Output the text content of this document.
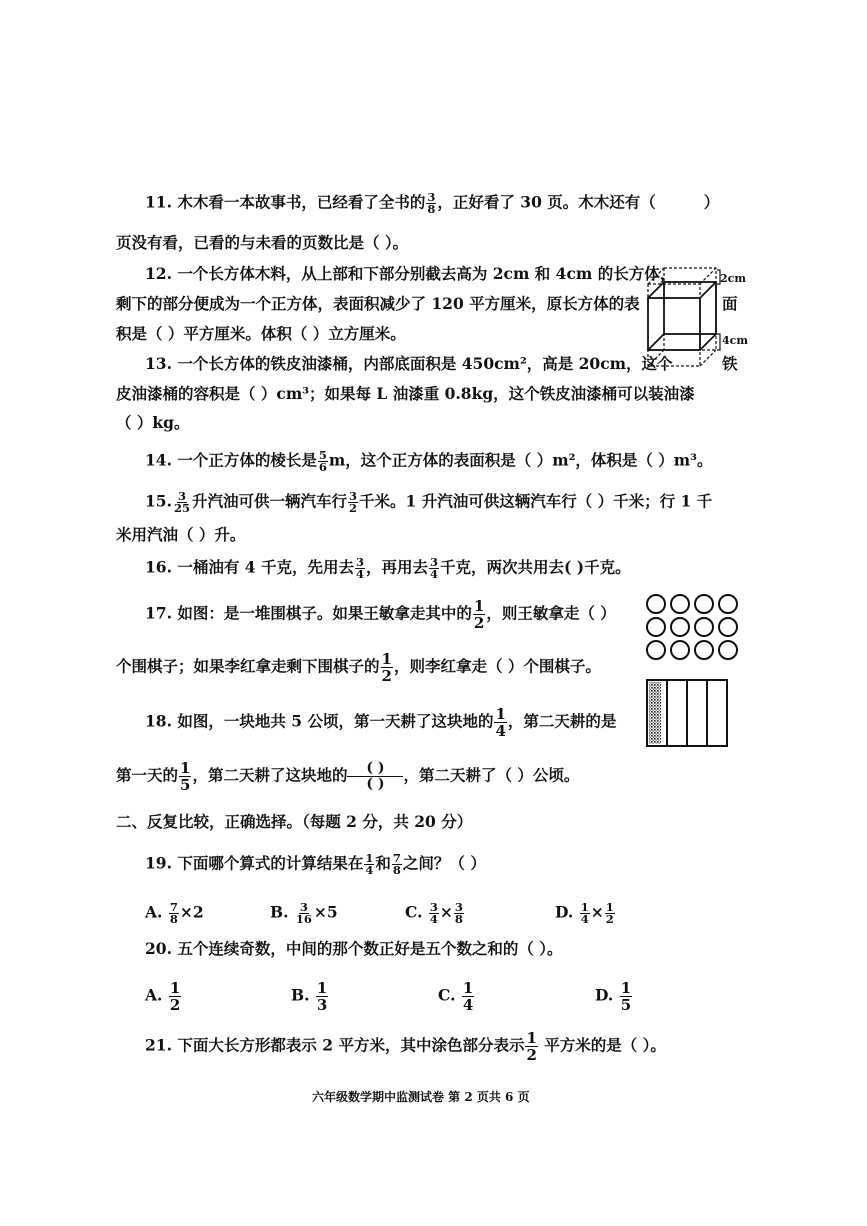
11. 木木看一本故事书，已经看了全书的 $\frac{3}{8}$ ，正好看了 30 页。木木还有（	）
页没有看，已看的与未看的页数比是（ ）。
12. 一个长方体木料，从上部和下部分别截去高为 2cm 和 4cm 的长方体，
剩下的部分便成为一个正方体，表面积减少了 120 平方厘米，原长方体的表
积是（ ）平方厘米。体积（ ）立方厘米。
2cm
4cm
面
铁
13. 一个长方体的铁皮油漆桶，内部底面积是 450cm²，高是 20cm，这个
皮油漆桶的容积是（ ）cm³；如果每 L 油漆重 0.8kg，这个铁皮油漆桶可以装油漆
（ ）kg。
14. 一个正方体的棱长是 $\frac{5}{6}$ m，这个正方体的表面积是（ ）m²，体积是（ ）m³。
15. $\frac{3}{25}$ 升汽油可供一辆汽车行 $\frac{3}{2}$ 千米。1 升汽油可供这辆汽车行（ ）千米；行 1 千
米用汽油（ ）升。
16. 一桶油有 4 千克，先用去 $\frac{3}{4}$ ，再用去 $\frac{3}{4}$ 千克，两次共用去( )千克。
17. 如图：是一堆围棋子。如果王敏拿走其中的 $\frac{1}{2}$ ，则王敏拿走（ ）
个围棋子；如果李红拿走剩下围棋子的 $\frac{1}{2}$ ，则李红拿走（ ）个围棋子。
18. 如图，一块地共 5 公顷，第一天耕了这块地的 $\frac{1}{4}$ ，第二天耕的是
第一天的 $\frac{1}{5}$ ，第二天耕了这块地的	( )
( )	，第二天耕了（ ）公顷。
二、反复比较，正确选择。（每题 2 分，共 20 分）
19. 下面哪个算式的计算结果在 $\frac{1}{4}$ 和 $\frac{7}{8}$ 之间？（ ）
A. $\frac{7}{8} \times 2$	B. $\frac{3}{16} \times 5$	C. $\frac{3}{4} \times \frac{3}{8}$	D. $\frac{1}{4} \times \frac{1}{2}$
20. 五个连续奇数，中间的那个数正好是五个数之和的（ ）。
A. $\frac{1}{2}$	B. $\frac{1}{3}$	C. $\frac{1}{4}$	D. $\frac{1}{5}$
21. 下面大长方形都表示 2 平方米，其中涂色部分表示 $\frac{1}{2}$ 平方米的是（ ）。
六年级数学期中监测试卷 第 2 页共 6 页
